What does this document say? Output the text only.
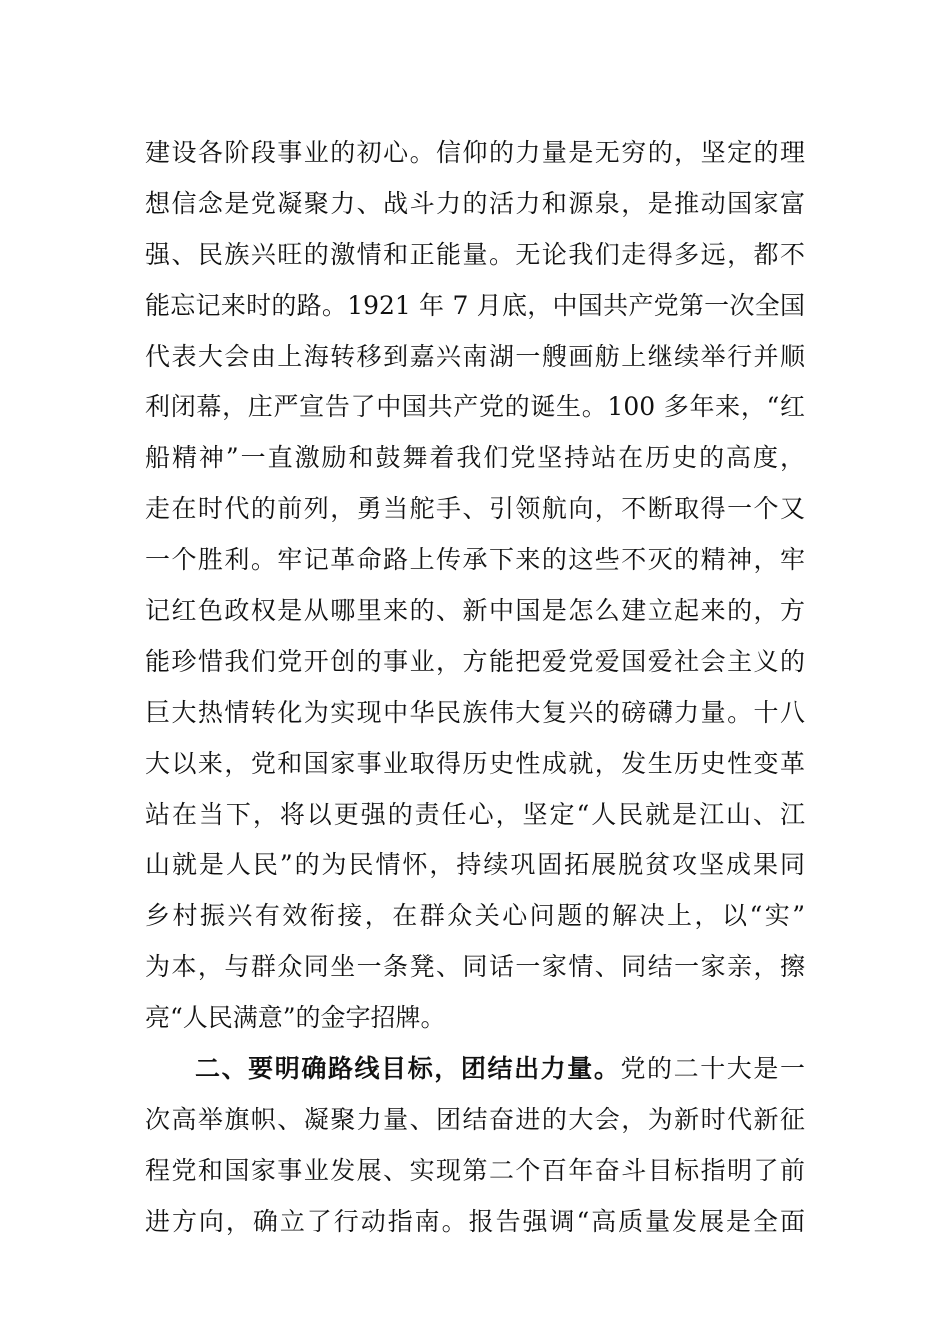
建设各阶段事业的初心。信仰的力量是无穷的，坚定的理
想信念是党凝聚力、战斗力的活力和源泉，是推动国家富
强、民族兴旺的激情和正能量。无论我们走得多远，都不
能忘记来时的路。1921 年 7 月底，中国共产党第一次全国
代表大会由上海转移到嘉兴南湖一艘画舫上继续举行并顺
利闭幕，庄严宣告了中国共产党的诞生。100 多年来，“红
船精神”一直激励和鼓舞着我们党坚持站在历史的高度，
走在时代的前列，勇当舵手、引领航向，不断取得一个又
一个胜利。牢记革命路上传承下来的这些不灭的精神，牢
记红色政权是从哪里来的、新中国是怎么建立起来的，方
能珍惜我们党开创的事业，方能把爱党爱国爱社会主义的
巨大热情转化为实现中华民族伟大复兴的磅礴力量。十八
大以来，党和国家事业取得历史性成就，发生历史性变革
站在当下，将以更强的责任心，坚定“人民就是江山、江
山就是人民”的为民情怀，持续巩固拓展脱贫攻坚成果同
乡村振兴有效衔接，在群众关心问题的解决上，以“实”
为本，与群众同坐一条凳、同话一家情、同结一家亲，擦
亮“人民满意”的金字招牌。
二、要明确路线目标，团结出力量。党的二十大是一
次高举旗帜、凝聚力量、团结奋进的大会，为新时代新征
程党和国家事业发展、实现第二个百年奋斗目标指明了前
进方向，确立了行动指南。报告强调“高质量发展是全面
